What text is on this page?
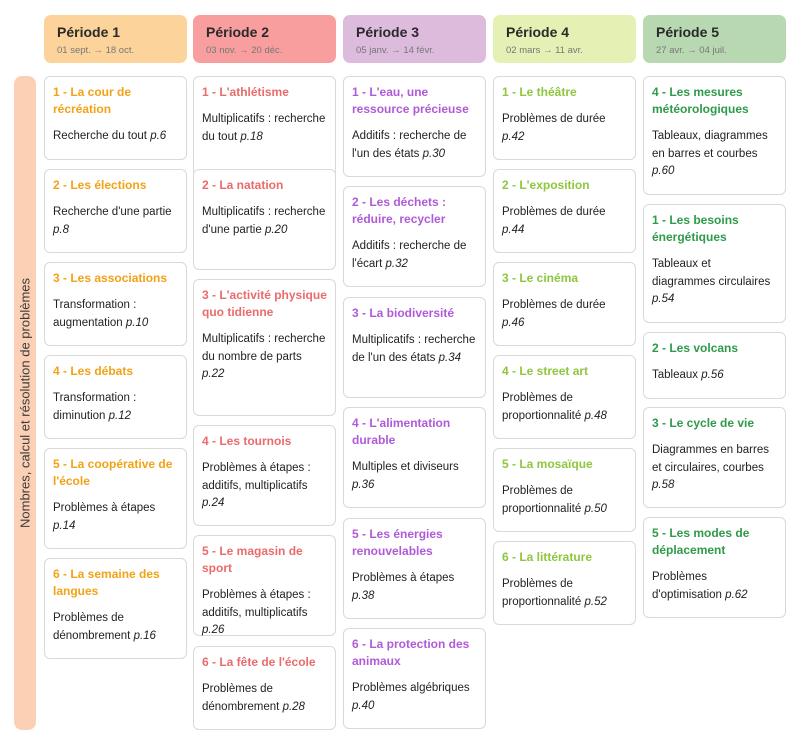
Nombres, calcul et résolution de problèmes
Période 1
01 sept. → 18 oct.
Période 2
03 nov. → 20 déc.
Période 3
05 janv. → 14 févr.
Période 4
02 mars → 11 avr.
Période 5
27 avr. → 04 juil.
1 - La cour de récréation
Recherche du tout p.6
2 - Les élections
Recherche d'une partie p.8
3 - Les associations
Transformation : augmentation p.10
4 - Les débats
Transformation : diminution p.12
5 - La coopérative de l'école
Problèmes à étapes p.14
6 - La semaine des langues
Problèmes de dénombrement p.16
1 - L'athlétisme
Multiplicatifs : recherche du tout p.18
2 - La natation
Multiplicatifs : recherche d'une partie p.20
3 - L'activité physique quo tidienne
Multiplicatifs : recherche du nombre de parts p.22
4 - Les tournois
Problèmes à étapes : additifs, multiplicatifs p.24
5 - Le magasin de sport
Problèmes à étapes : additifs, multiplicatifs p.26
6 - La fête de l'école
Problèmes de dénombrement p.28
1 - L'eau, une ressource précieuse
Additifs : recherche de l'un des états p.30
2 - Les déchets : réduire, recycler
Additifs : recherche de l'écart p.32
3 - La biodiversité
Multiplicatifs : recherche de l'un des états p.34
4 - L'alimentation durable
Multiples et diviseurs p.36
5 - Les énergies renouvelables
Problèmes à étapes p.38
6 - La protection des animaux
Problèmes algébriques p.40
1 - Le théâtre
Problèmes de durée p.42
2 - L'exposition
Problèmes de durée p.44
3 - Le cinéma
Problèmes de durée p.46
4 - Le street art
Problèmes de proportionnalité p.48
5 - La mosaïque
Problèmes de proportionnalité p.50
6 - La littérature
Problèmes de proportionnalité p.52
4 - Les mesures météorologiques
Tableaux, diagrammes en barres et courbes p.60
1 - Les besoins énergétiques
Tableaux et diagrammes circulaires p.54
2 - Les volcans
Tableaux p.56
3 - Le cycle de vie
Diagrammes en barres et circulaires, courbes p.58
5 - Les modes de déplacement
Problèmes d'optimisation p.62
